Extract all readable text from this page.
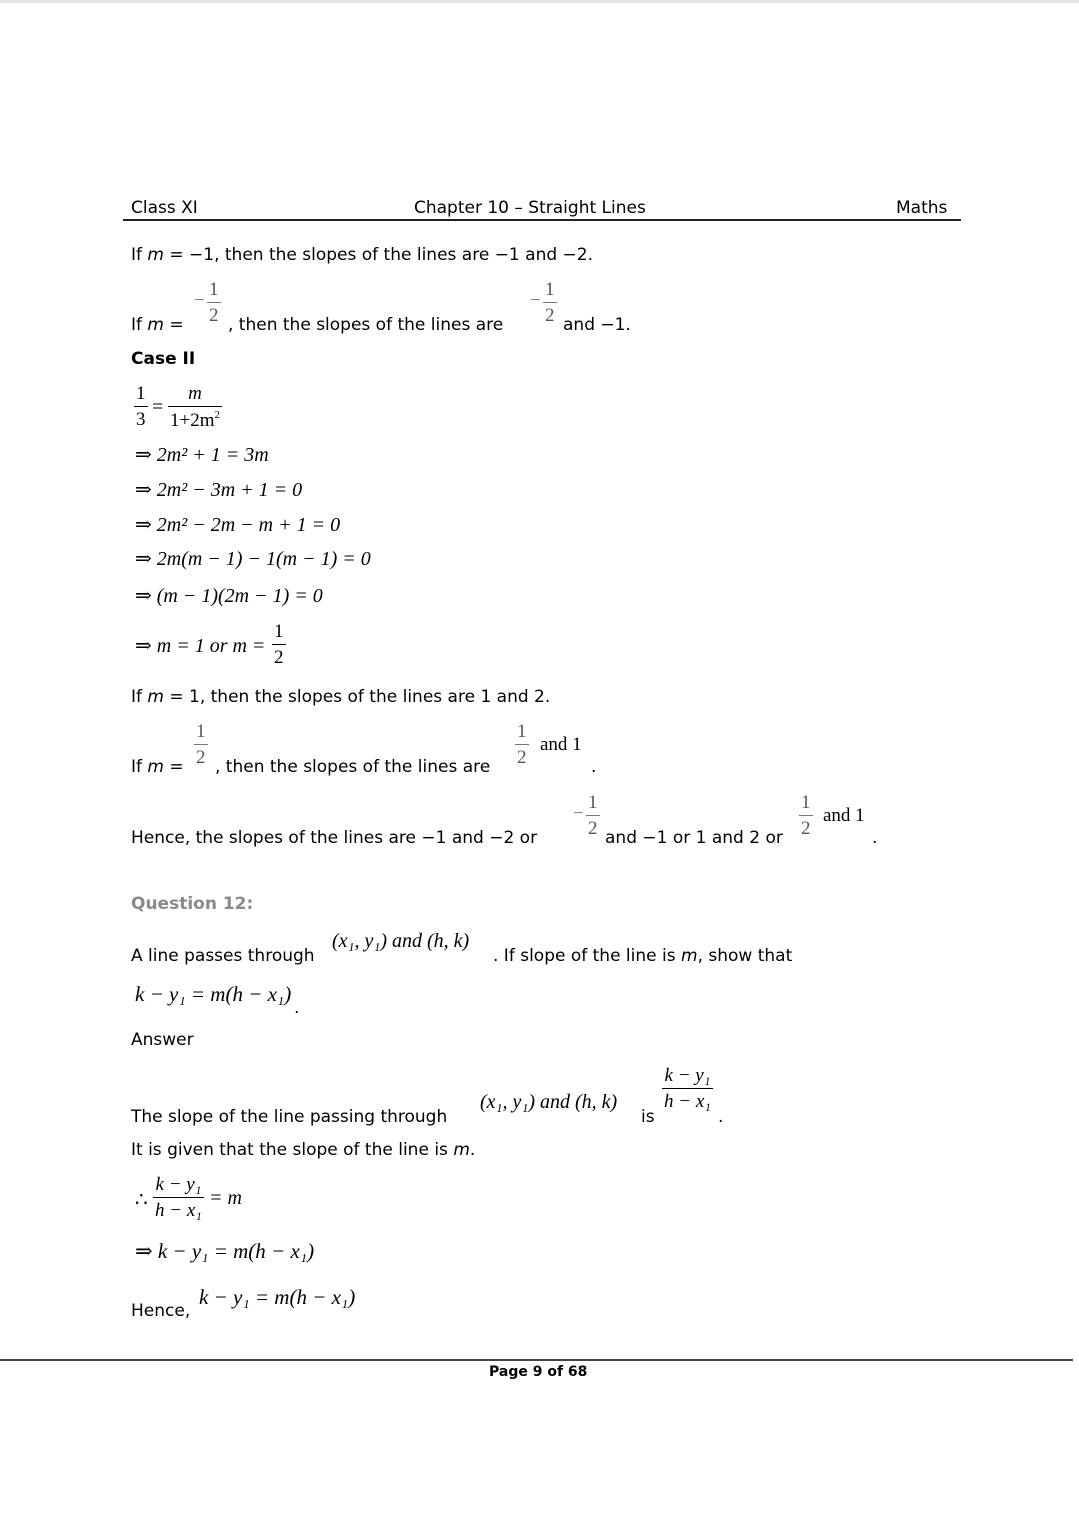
Class XI	Chapter 10 – Straight Lines	Maths
If m = −1, then the slopes of the lines are −1 and −2.
If m =
−
1
2 , then the slopes of the lines are
−
1
2 and −1.
Case II
1
3
=
m
$1+2m^2$
⇒ 2m² + 1 = 3m
⇒ 2m² − 3m + 1 = 0
⇒ 2m² − 2m − m + 1 = 0
⇒ 2m(m − 1) − 1(m − 1) = 0
⇒ (m − 1)(2m − 1) = 0
⇒ m = 1 or m =
1
2
If m = 1, then the slopes of the lines are 1 and 2.
If m =
1
2 , then the slopes of the lines are
1
2
and 1
.
Hence, the slopes of the lines are −1 and −2 or
−
1
2 and −1 or 1 and 2 or
1
2
and 1
.
Question 12:
A line passes through
(x₁, y₁) and (h, k)
. If slope of the line is m, show that
k − y₁ = m(h − x₁)
.
Answer
The slope of the line passing through
(x₁, y₁) and (h, k)
is
k − y₁
h − x₁
.
It is given that the slope of the line is m.
∴
k − y₁
h − x₁
= m
⇒ k − y₁ = m(h − x₁)
Hence,
k − y₁ = m(h − x₁)
Page 9 of 68
